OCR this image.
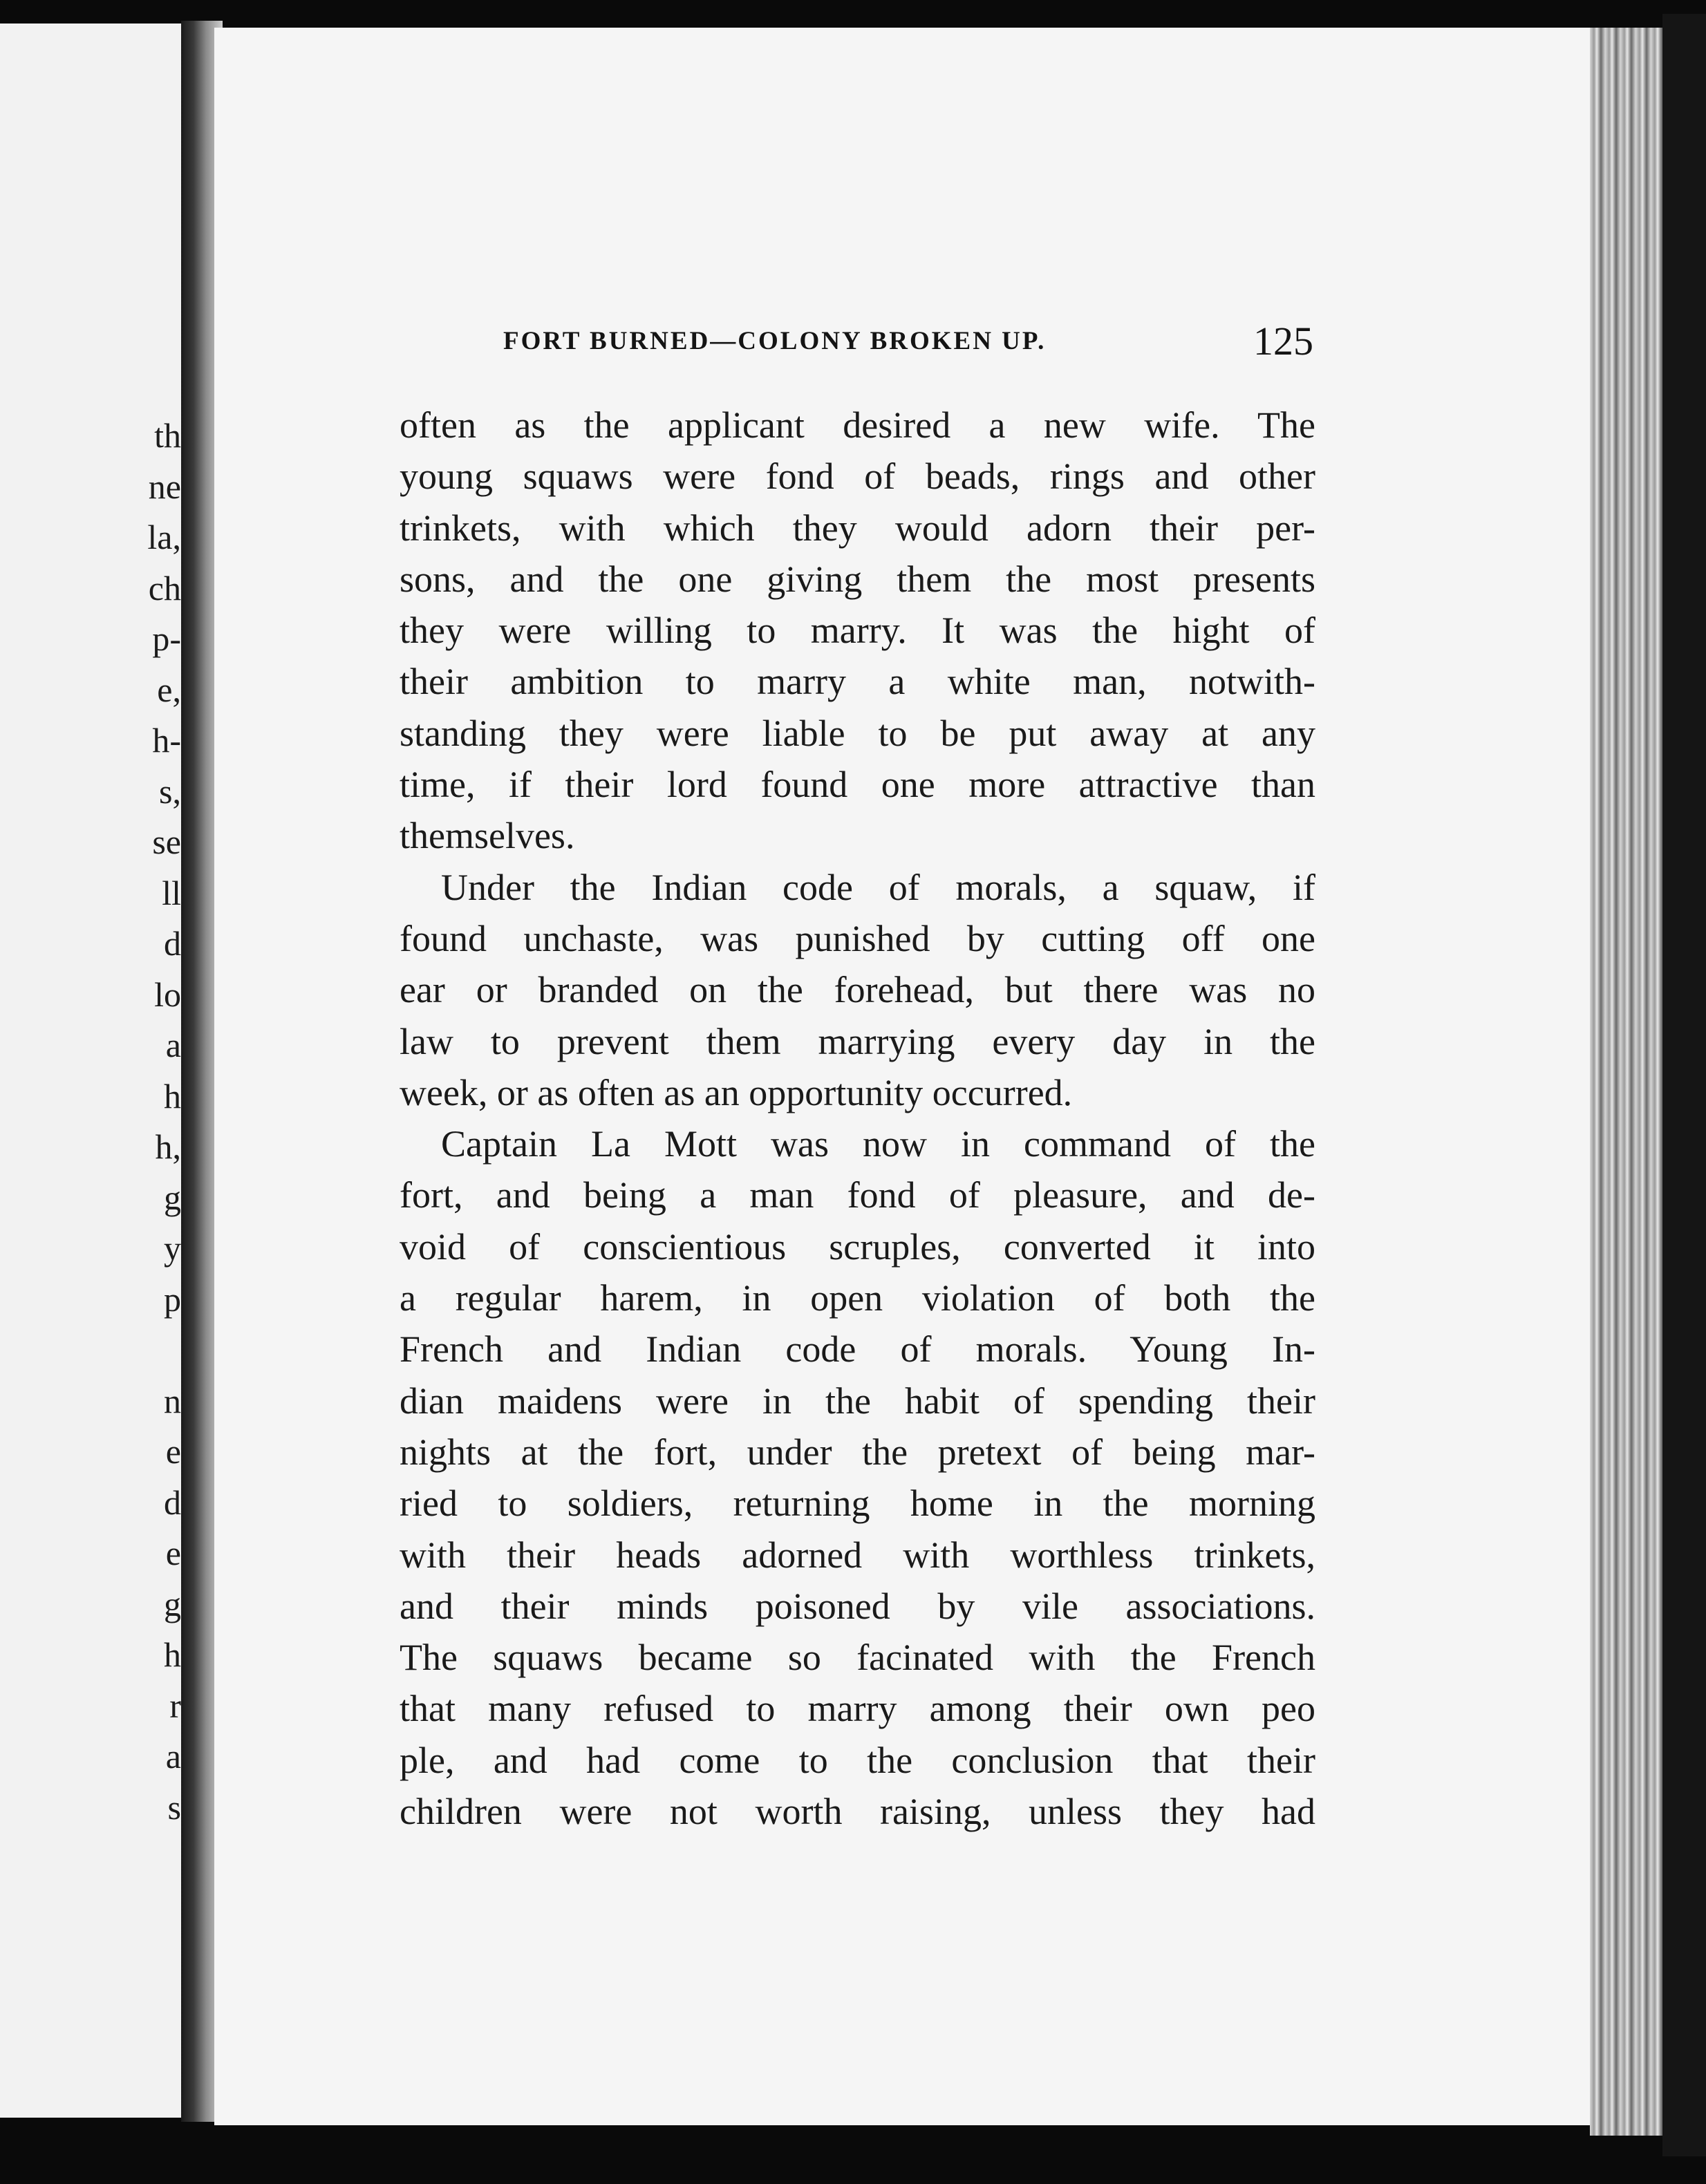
th
ne
la,
ch
p-
e,
h-
s,
se
ll
d
lo
a
h
h,
g
y
p
n
e
d
e
g
h
r
a
s
FORT BURNED—COLONY BROKEN UP.	125
often as the applicant desired a new wife. The
young squaws were fond of beads, rings and other
trinkets, with which they would adorn their per-
sons, and the one giving them the most presents
they were willing to marry. It was the hight of
their ambition to marry a white man, notwith-
standing they were liable to be put away at any
time, if their lord found one more attractive than
themselves.
Under the Indian code of morals, a squaw, if
found unchaste, was punished by cutting off one
ear or branded on the forehead, but there was no
law to prevent them marrying every day in the
week, or as often as an opportunity occurred.
Captain La Mott was now in command of the
fort, and being a man fond of pleasure, and de-
void of conscientious scruples, converted it into
a regular harem, in open violation of both the
French and Indian code of morals. Young In-
dian maidens were in the habit of spending their
nights at the fort, under the pretext of being mar-
ried to soldiers, returning home in the morning
with their heads adorned with worthless trinkets,
and their minds poisoned by vile associations.
The squaws became so facinated with the French
that many refused to marry among their own peo
ple, and had come to the conclusion that their
children were not worth raising, unless they had
